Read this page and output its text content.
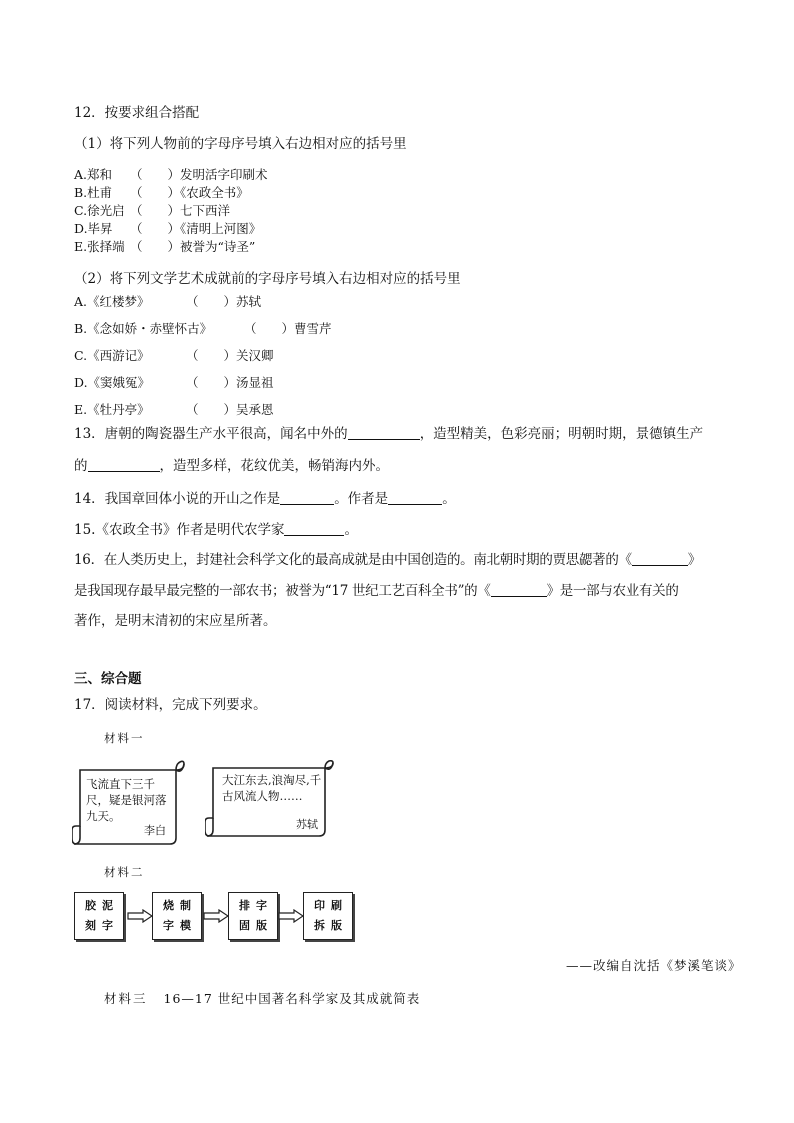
12．按要求组合搭配
（1）将下列人物前的字母序号填入右边相对应的括号里
A.郑和 （　　）发明活字印刷术
B.杜甫 （　　）《农政全书》
C.徐光启 （　　）七下西洋
D.毕昇 （　　）《清明上河图》
E.张择端 （　　）被誉为“诗圣”
（2）将下列文学艺术成就前的字母序号填入右边相对应的括号里
A.《红楼梦》	（　　）苏轼
B.《念如娇・赤壁怀古》	（　　）曹雪芹
C.《西游记》	（　　）关汉卿
D.《窦娥冤》	（　　）汤显祖
E.《牡丹亭》	（　　）吴承恩
13．唐朝的陶瓷器生产水平很高，闻名中外的	，造型精美，色彩亮丽；明朝时期，景德镇生产
的	，造型多样，花纹优美，畅销海内外。
14．我国章回体小说的开山之作是	。作者是	。
15.《农政全书》作者是明代农学家	。
16．在人类历史上，封建社会科学文化的最高成就是由中国创造的。南北朝时期的贾思勰著的《	》
是我国现存最早最完整的一部农书；被誉为“17 世纪工艺百科全书”的《	》是一部与农业有关的
著作，是明末清初的宋应星所著。
三、综合题
17．阅读材料，完成下列要求。
材料一
飞流直下三千尺，疑是银河落九天。
李白
大江东去,浪淘尽,千古风流人物……
苏轼
材料二
胶泥
刻字
烧制
字模
排字
固版
印刷
拆版
——改编自沈括《梦溪笔谈》
材料三 16—17 世纪中国著名科学家及其成就简表
